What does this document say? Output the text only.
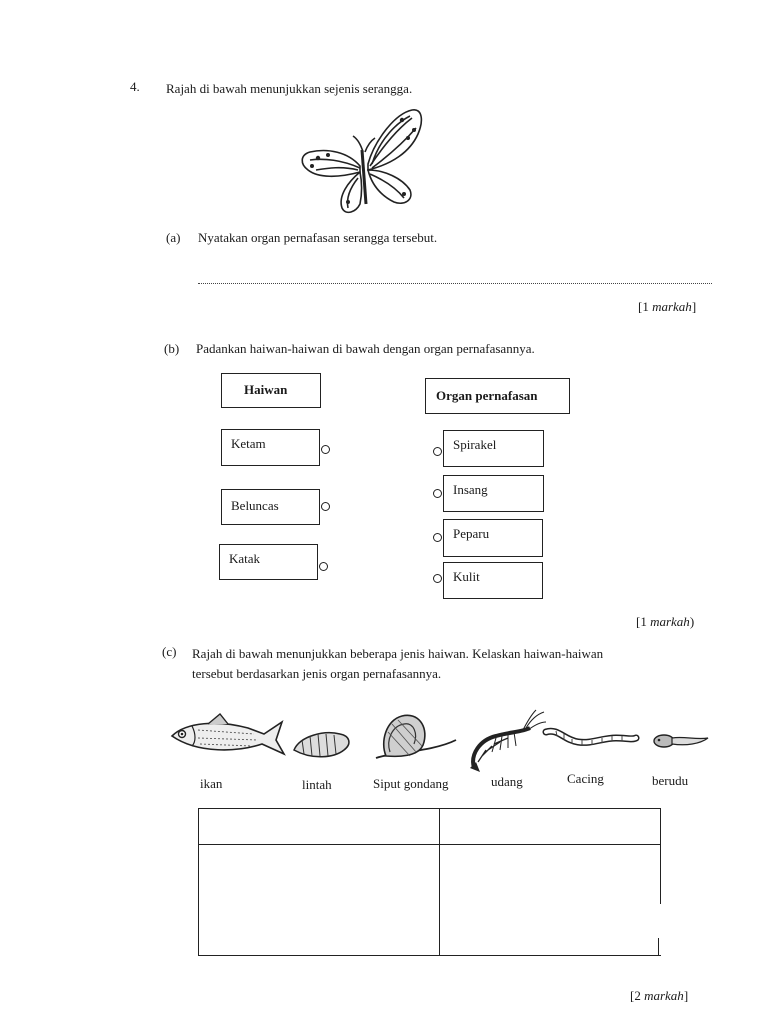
4. Rajah di bawah menunjukkan sejenis serangga.
(a) Nyatakan organ pernafasan serangga tersebut.
[1 markah]
(b) Padankan haiwan-haiwan di bawah dengan organ pernafasannya.
Haiwan	Organ pernafasan
Ketam
Beluncas
Katak
Spirakel
Insang
Peparu
Kulit
[1 markah)
(c) Rajah di bawah menunjukkan beberapa jenis haiwan. Kelaskan haiwan-haiwan
tersebut berdasarkan jenis organ pernafasannya.
ikan	lintah	Siput gondang	udang	Cacing	berudu
[2 markah]
